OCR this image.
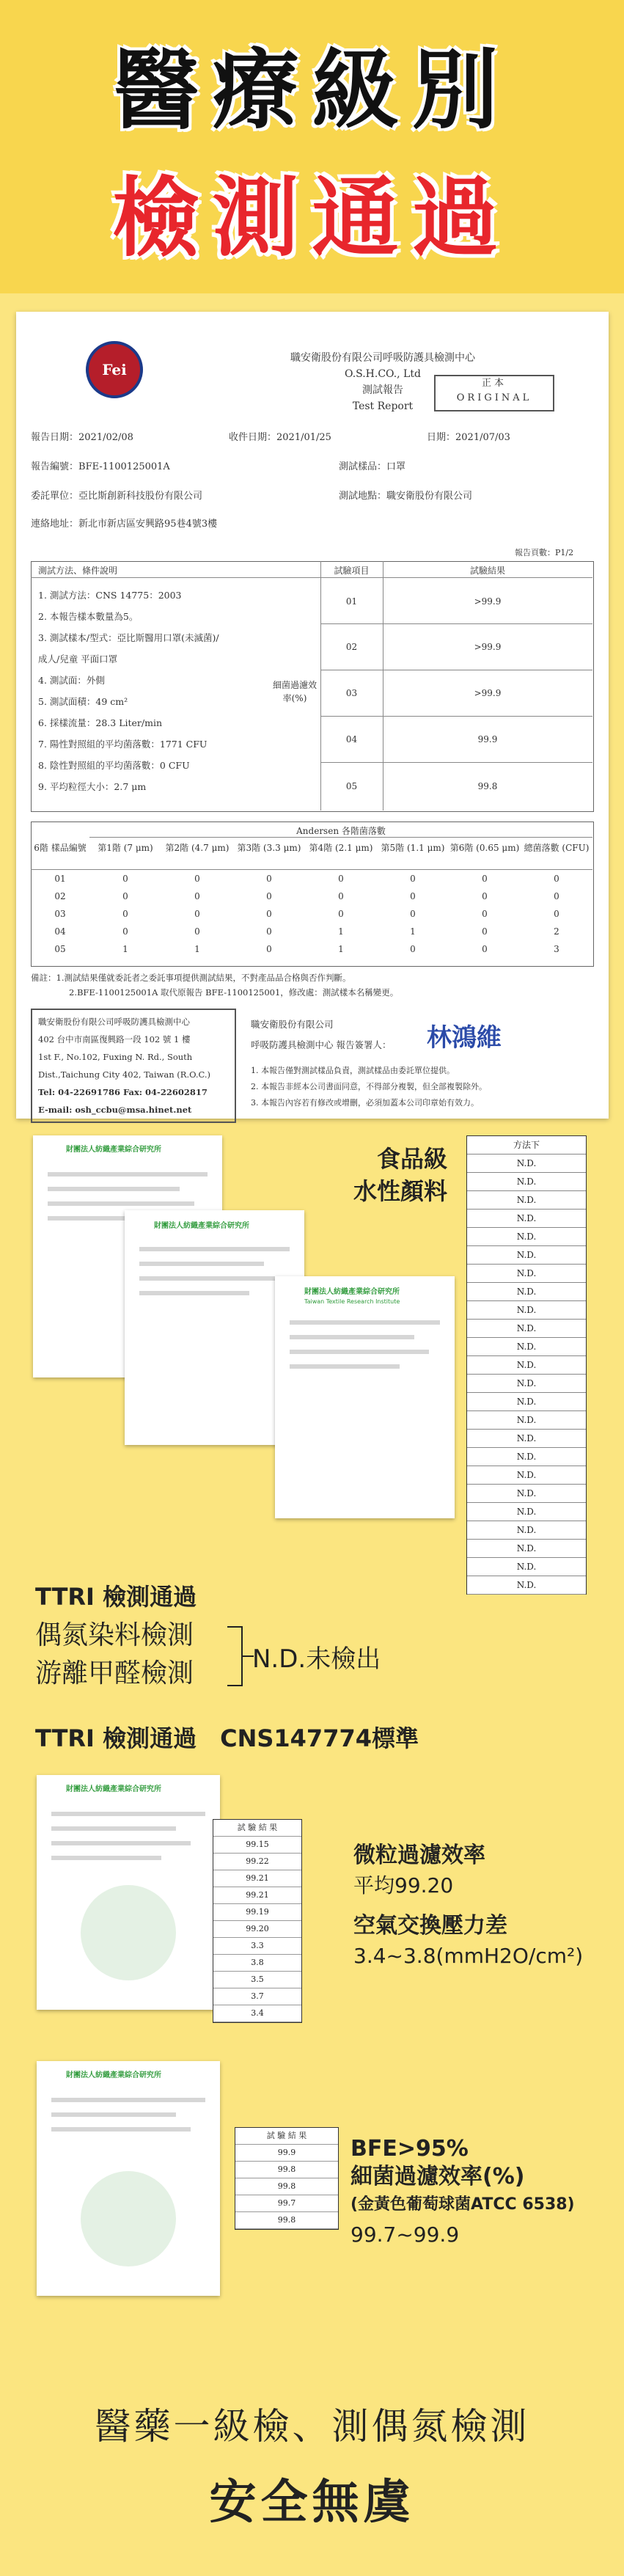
醫療級別
檢測通過
Fei
職安衛股份有限公司呼吸防護具檢測中心
O.S.H.CO., Ltd
測試報告
Test Report
正本
ORIGINAL
報告日期：2021/02/08	收件日期：2021/01/25	日期：2021/07/03
報告編號：BFE-1100125001A	測試樣品：口罩
委託單位：亞比斯創新科技股份有限公司	測試地點：職安衛股份有限公司
連絡地址：新北市新店區安興路95巷4號3樓
報告頁數：P1/2
測試方法、條件說明	試驗項目	試驗結果
1. 測試方法：CNS 14775：2003
2. 本報告樣本數量為5。
3. 測試樣本/型式：亞比斯醫用口罩(未滅菌)/
成人/兒童 平面口罩
4. 測試面：外側
5. 測試面積：49 cm²
6. 採樣流量：28.3 Liter/min
7. 陽性對照組的平均菌落數：1771 CFU
8. 陰性對照組的平均菌落數：0 CFU
9. 平均粒徑大小：2.7 μm
細菌過濾效率(%)
01	>99.9
02	>99.9
03	>99.9
04	99.9
05	99.8
Andersen 各階菌落數
6階 樣品編號	第1階 (7 μm)	第2階 (4.7 μm) 第3階 (3.3 μm) 第4階 (2.1 μm) 第5階 (1.1 μm) 第6階 (0.65 μm) 總菌落數 (CFU)
01	0	0	0	0	0	0	0
02	0	0	0	0	0	0	0
03	0	0	0	0	0	0	0
04	0	0	0	1	1	0	2
05	1	1	0	1	0	0	3
備註：1.測試結果僅就委託者之委託事項提供測試結果，不對產品品合格與否作判斷。
2.BFE-1100125001A 取代原報告 BFE-1100125001，修改處：測試樣本名稱變更。
職安衛股份有限公司呼吸防護具檢測中心
402 台中市南區復興路一段 102 號 1 樓
1st F., No.102, Fuxing N. Rd., South
Dist.,Taichung City 402, Taiwan (R.O.C.)
Tel: 04-22691786 Fax: 04-22602817
E-mail: osh_ccbu@msa.hinet.net
職安衛股份有限公司
呼吸防護具檢測中心 報告簽署人： 林鴻維
1. 本報告僅對測試樣品負責，測試樣品由委託單位提供。
2. 本報告非經本公司書面同意，不得部分複製，但全部複製除外。
3. 本報告內容若有修改或增刪，必須加蓋本公司印章始有效力。
財團法人紡織產業綜合研究所
財團法人紡織產業綜合研究所
財團法人紡織產業綜合研究所
Taiwan Textile Research Institute
食品級
水性顏料
方法下
N.D.
N.D.
N.D.
N.D.
N.D.
N.D.
N.D.
N.D.
N.D.
N.D.
N.D.
N.D.
N.D.
N.D.
N.D.
N.D.
N.D.
N.D.
N.D.
N.D.
N.D.
N.D.
N.D.
N.D.
TTRI 檢測通過
偶氮染料檢測
游離甲醛檢測 N.D.未檢出
TTRI 檢測通過　CNS147774標準
財團法人紡織產業綜合研究所
試 驗 結 果
99.15
99.22
99.21
99.21
99.19
99.20
3.3
3.8
3.5
3.7
3.4
微粒過濾效率
平均99.20
空氣交換壓力差
3.4~3.8(mmH2O/cm²)
財團法人紡織產業綜合研究所
試 驗 結 果
99.9
99.8
99.8
99.7
99.8
BFE>95%
細菌過濾效率(%)
(金黃色葡萄球菌ATCC 6538)
99.7~99.9
醫藥一級檢、測偶氮檢測
安全無虞
